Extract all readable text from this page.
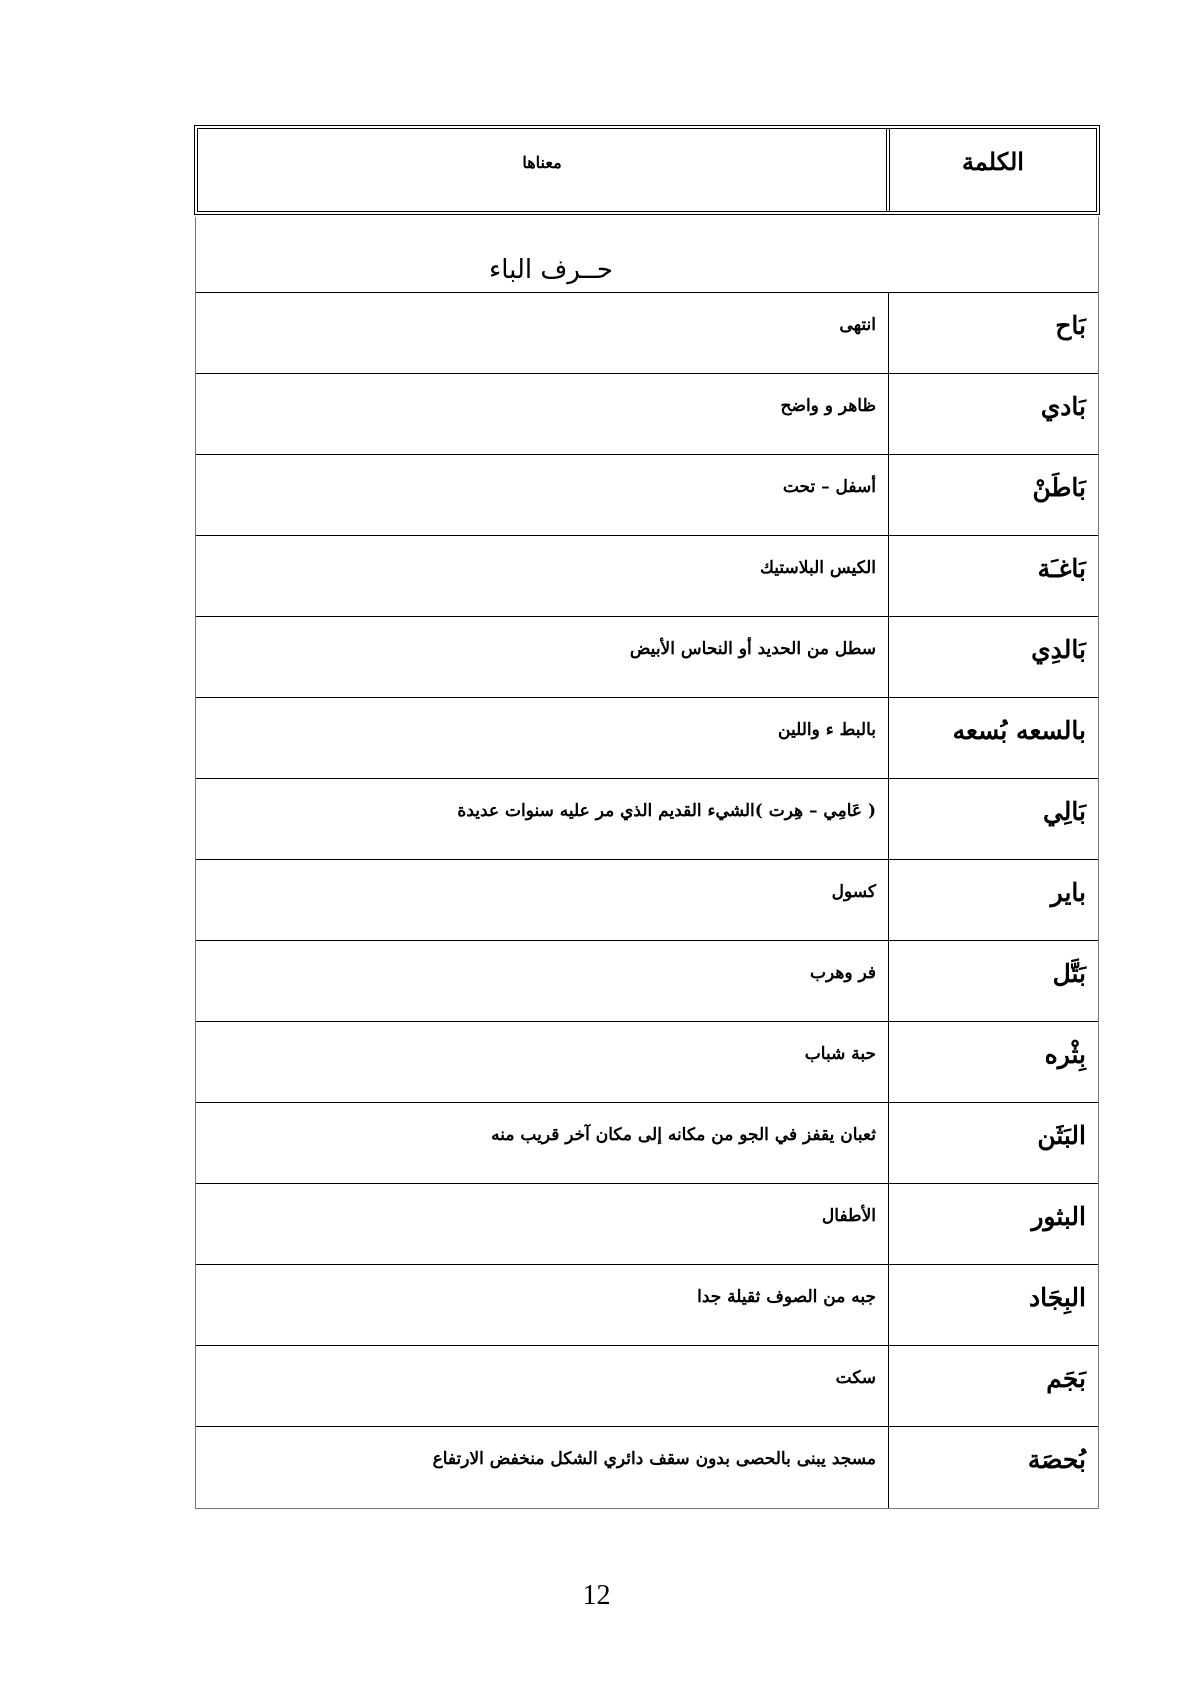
الكلمة
معناها
حــرف الباء
بَاح
انتهى
بَادي
ظاهر و واضح
بَاطَنْ
أسفل – تحت
بَاغـَة
الكيس البلاستيك
بَالدِي
سطل من الحديد أو النحاس الأبيض
بالسعه بُسعه
بالبط ء واللين
بَالِي
( عَامِي – هِرت )الشيء القديم الذي مر عليه سنوات عديدة
باير
كسول
بَتَّل
فر وهرب
بِثْره
حبة شباب
البَثَن
ثعبان يقفز في الجو من مكانه إلى مكان آخر قريب منه
البثور
الأطفال
البِجَاد
جبه من الصوف ثقيلة جدا
بَجَم
سكت
بُحصَة
مسجد يبنى بالحصى بدون سقف دائري الشكل منخفض الارتفاع
12
